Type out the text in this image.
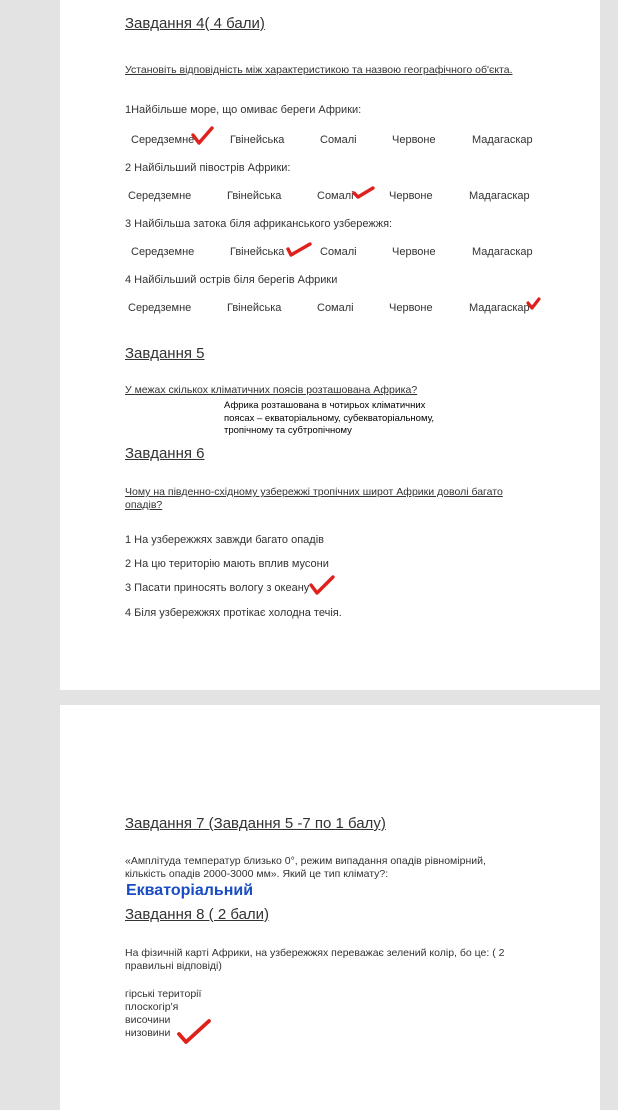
Завдання 4( 4 бали)
Установіть відповідність між характеристикою та назвою географічного об'єкта.
1Найбільше море, що омиває береги Африки:
Середземне	Гвінейська	Сомалі	Червоне	Мадагаскар
2 Найбільший півострів Африки:
Середземне	Гвінейська	Сомалі	Червоне	Мадагаскар
3 Найбільша затока біля африканського узбережжя:
Середземне	Гвінейська	Сомалі	Червоне	Мадагаскар
4 Найбільший острів біля берегів Африки
Середземне	Гвінейська	Сомалі	Червоне	Мадагаскар
Завдання 5
У межах скількох кліматичних поясів розташована Африка?
Африка розташована в чотирьох кліматичних поясах – екваторіальному, субекваторіальному, тропічному та субтропічному
Завдання 6
Чому на південно-східному узбережжі тропічних широт Африки доволі багато
опадів?
1 На узбережжях завжди багато опадів
2 На цю територію мають вплив мусони
3 Пасати приносять вологу з океану
4 Біля узбережжях протікає холодна течія.
Завдання 7 (Завдання 5 -7 по 1 балу)
«Амплітуда температур близько 0°, режим випадання опадів рівномірний,
кількість опадів 2000-3000 мм». Який це тип клімату?:
Екваторіальний
Завдання 8 ( 2 бали)
На фізичній карті Африки, на узбережжях переважає зелений колір, бо це: ( 2
правильні відповіді)
гірські території
плоскогір'я
височини
низовини
